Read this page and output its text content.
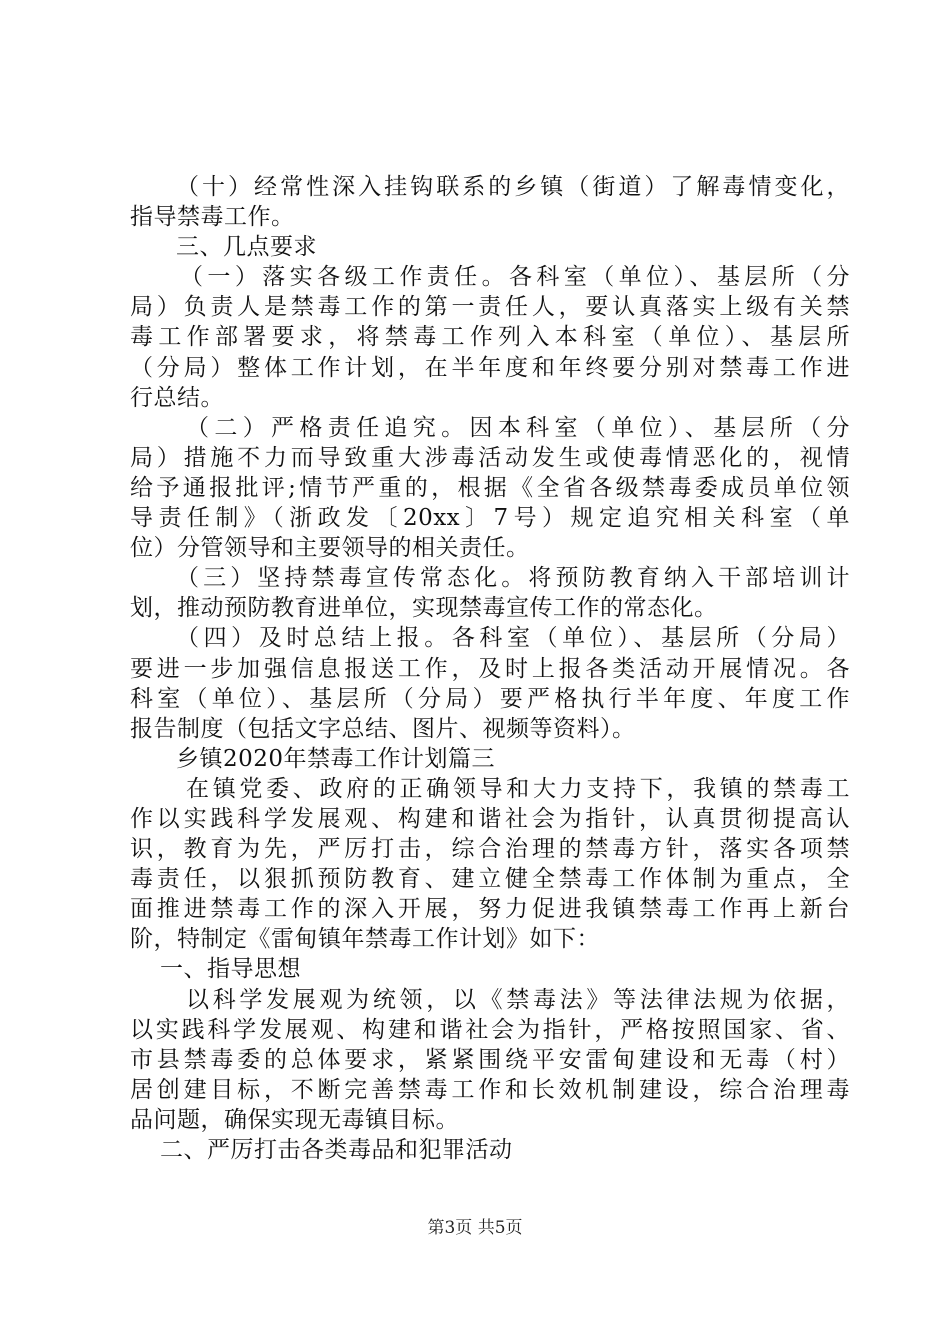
（十）经常性深入挂钩联系的乡镇（街道）了解毒情变化，
指导禁毒工作。
三、几点要求
（一）落实各级工作责任。各科室（单位）、基层所（分
局）负责人是禁毒工作的第一责任人，要认真落实上级有关禁
毒工作部署要求，将禁毒工作列入本科室（单位）、基层所
（分局）整体工作计划，在半年度和年终要分别对禁毒工作进
行总结。
（二）严格责任追究。因本科室（单位）、基层所（分
局）措施不力而导致重大涉毒活动发生或使毒情恶化的，视情
给予通报批评;情节严重的，根据《全省各级禁毒委成员单位领
导责任制》（浙政发〔20xx〕7号）规定追究相关科室（单
位）分管领导和主要领导的相关责任。
（三）坚持禁毒宣传常态化。将预防教育纳入干部培训计
划，推动预防教育进单位，实现禁毒宣传工作的常态化。
（四）及时总结上报。各科室（单位）、基层所（分局）
要进一步加强信息报送工作，及时上报各类活动开展情况。各
科室（单位）、基层所（分局）要严格执行半年度、年度工作
报告制度（包括文字总结、图片、视频等资料）。
乡镇2020年禁毒工作计划篇三
在镇党委、政府的正确领导和大力支持下，我镇的禁毒工
作以实践科学发展观、构建和谐社会为指针，认真贯彻提高认
识，教育为先，严厉打击，综合治理的禁毒方针，落实各项禁
毒责任，以狠抓预防教育、建立健全禁毒工作体制为重点，全
面推进禁毒工作的深入开展，努力促进我镇禁毒工作再上新台
阶，特制定《雷甸镇年禁毒工作计划》如下：
一、指导思想
以科学发展观为统领，以《禁毒法》等法律法规为依据，
以实践科学发展观、构建和谐社会为指针，严格按照国家、省、
市县禁毒委的总体要求，紧紧围绕平安雷甸建设和无毒（村）
居创建目标，不断完善禁毒工作和长效机制建设，综合治理毒
品问题，确保实现无毒镇目标。
二、严厉打击各类毒品和犯罪活动
第3页 共5页
